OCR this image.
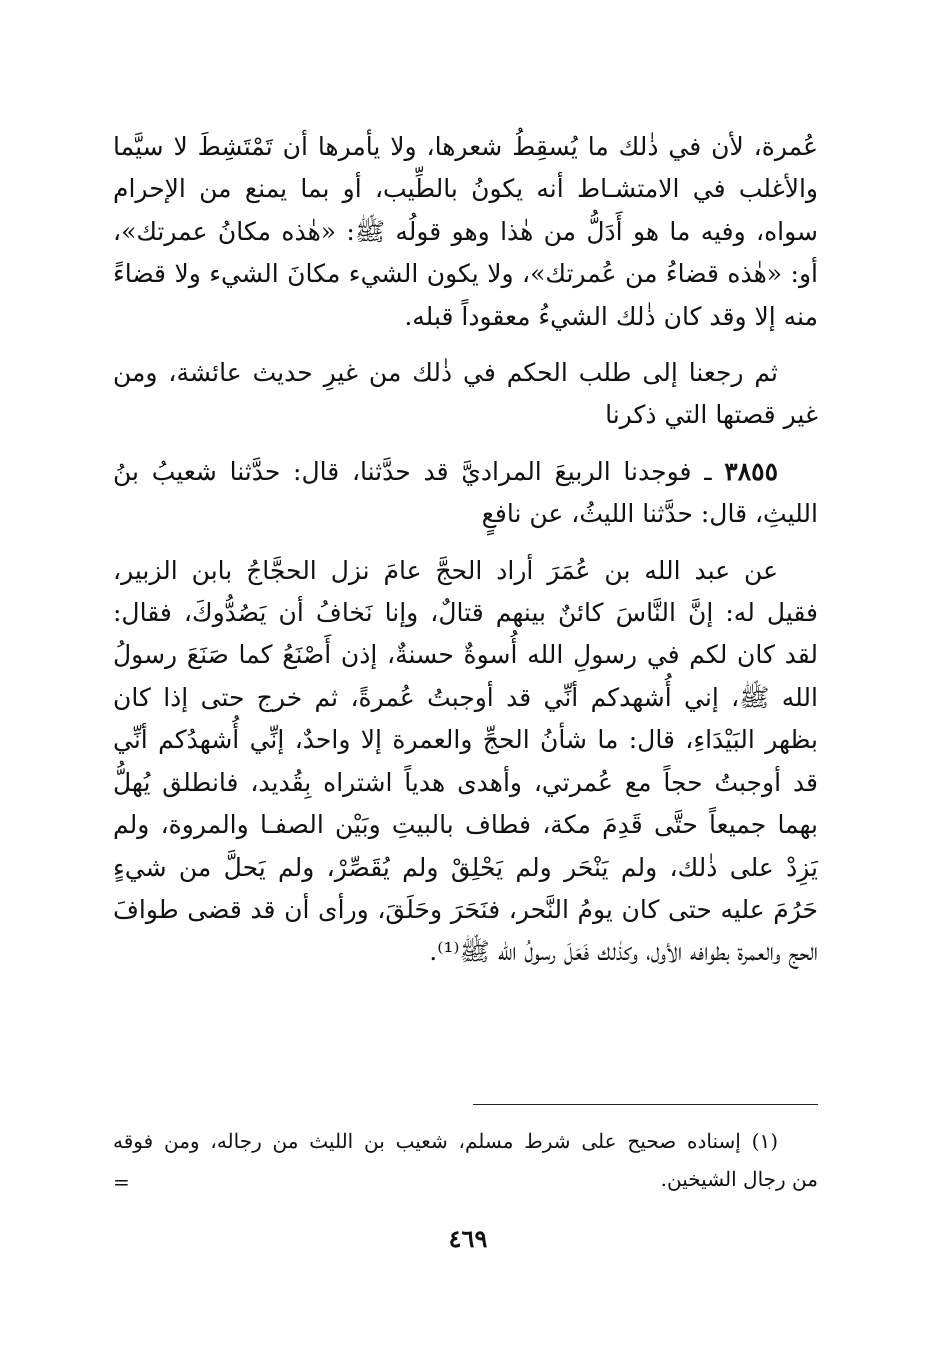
عُمرة، لأن في ذٰلك ما يُسقِطُ شعرها، ولا يأمرها أن تَمْتَشِطَ لا سيَّما
والأغلب في الامتشـاط أنه يكونُ بالطِّيب، أو بما يمنع من الإحرام
سواه، وفيه ما هو أَدَلُّ من هٰذا وهو قولُه ﷺ: «هٰذه مكانُ عمرتك»،
أو: «هٰذه قضاءُ من عُمرتك»، ولا يكون الشيء مكانَ الشيء ولا قضاءً
منه إلا وقد كان ذٰلك الشيءُ معقوداً قبله.
ثم رجعنا إلى طلب الحكم في ذٰلك من غيرِ حديث عائشة، ومن
غير قصتها التي ذكرنا
٣٨٥٥ ـ فوجدنا الربيعَ المراديَّ قد حدَّثنا، قال: حدَّثنا شعيبُ بنُ
الليثِ، قال: حدَّثنا الليثُ، عن نافعٍ
عن عبد الله بن عُمَرَ أراد الحجَّ عامَ نزل الحجَّاجُ بابن الزبير،
فقيل له: إنَّ النَّاسَ كائنٌ بينهم قتالٌ، وإنا نَخافُ أن يَصُدُّوكَ، فقال:
لقد كان لكم في رسولِ الله أُسوةٌ حسنةٌ، إذن أَصْنَعُ كما صَنَعَ رسولُ
الله ﷺ، إني أُشهدكم أنِّي قد أوجبتُ عُمرةً، ثم خرج حتى إذا كان
بظهر البَيْدَاءِ، قال: ما شأنُ الحجِّ والعمرة إلا واحدٌ، إنِّي أُشهدُكم أنِّي
قد أوجبتُ حجاً مع عُمرتي، وأهدى هدياً اشتراه بِقُديد، فانطلق يُهلُّ
بهما جميعاً حتَّى قَدِمَ مكة، فطاف بالبيتِ وبَيْن الصفـا والمروة، ولم
يَزِدْ على ذٰلك، ولم يَنْحَر ولم يَحْلِقْ ولم يُقَصِّرْ، ولم يَحلَّ من شيءٍ
حَرُمَ عليه حتى كان يومُ النَّحر، فنَحَرَ وحَلَقَ، ورأى أن قد قضى طوافَ
الحج والعمرة بطوافه الأول، وكذٰلك فَعَلَ رسولُ الله ﷺ⁽¹⁾.
(١) إسناده صحيح على شرط مسلم، شعيب بن الليث من رجاله، ومن فوقه
من رجال الشيخين.
=
٤٦٩
